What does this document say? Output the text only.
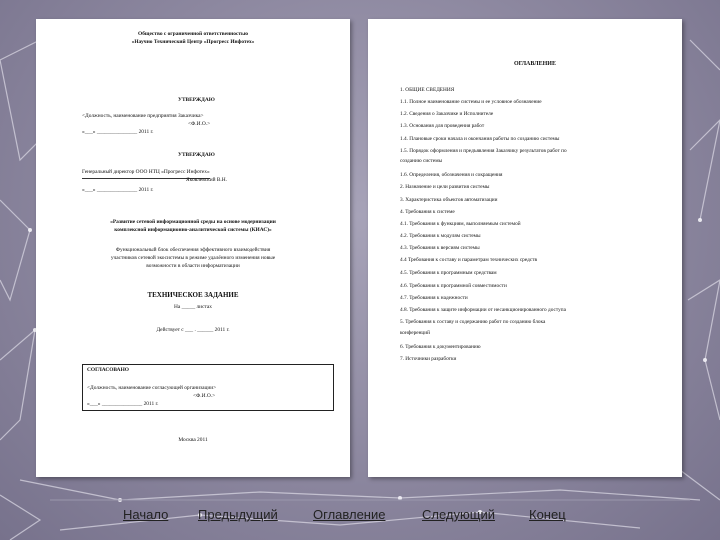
Общество с ограниченной ответственностью
«Научно Технический Центр «Прогресс Инфотех»
УТВЕРЖДАЮ
<Должность, наименование предприятия Заказчика>
<Ф.И.О.>
«___» _______________ 2011 г.
УТВЕРЖДАЮ
Генеральный директор ООО НТЦ «Прогресс Инфотех»
Яковлевский В.Н.
«___» _______________ 2011 г.
«Развитие сетевой информационной среды на основе модернизации
комплексной информационно-аналитической системы (КИАС)»
Функциональный блок обеспечения эффективного взаимодействия
участников сетевой экосистемы в режиме удалённого изменения новые
возможности в области информатизации
ТЕХНИЧЕСКОЕ ЗАДАНИЕ
На _____ листах
Действует с ___ . ______ 2011 г.
СОГЛАСОВАНО
<Должность, наименование согласующей организации>
<Ф.И.О.>
«___» _______________ 2011 г.
Москва 2011
ОГЛАВЛЕНИЕ
1. ОБЩИЕ СВЕДЕНИЯ
1.1. Полное наименование системы и ее условное обозначение
1.2. Сведения о Заказчике и Исполнителе
1.3. Основания для проведения работ
1.4. Плановые сроки начала и окончания работы по созданию системы
1.5. Порядок оформления и предъявления Заказчику результатов работ по
созданию системы
1.6. Определения, обозначения и сокращения
2. Назначение и цели развития системы
3. Характеристика объектов автоматизации
4. Требования к системе
4.1. Требования к функциям, выполняемым системой
4.2. Требования к модулям системы
4.3. Требования к версиям системы
4.4 Требования к составу и параметрам технических средств
4.5. Требования к программным средствам
4.6. Требования к программной совместимости
4.7. Требования к надежности
4.8. Требования к защите информации от несанкционированного доступа
5. Требования к составу и содержанию работ по созданию блока
конференций
6. Требования к документированию
7. Источники разработки
Начало Предыдущий	Оглавление	Следующий	Конец
